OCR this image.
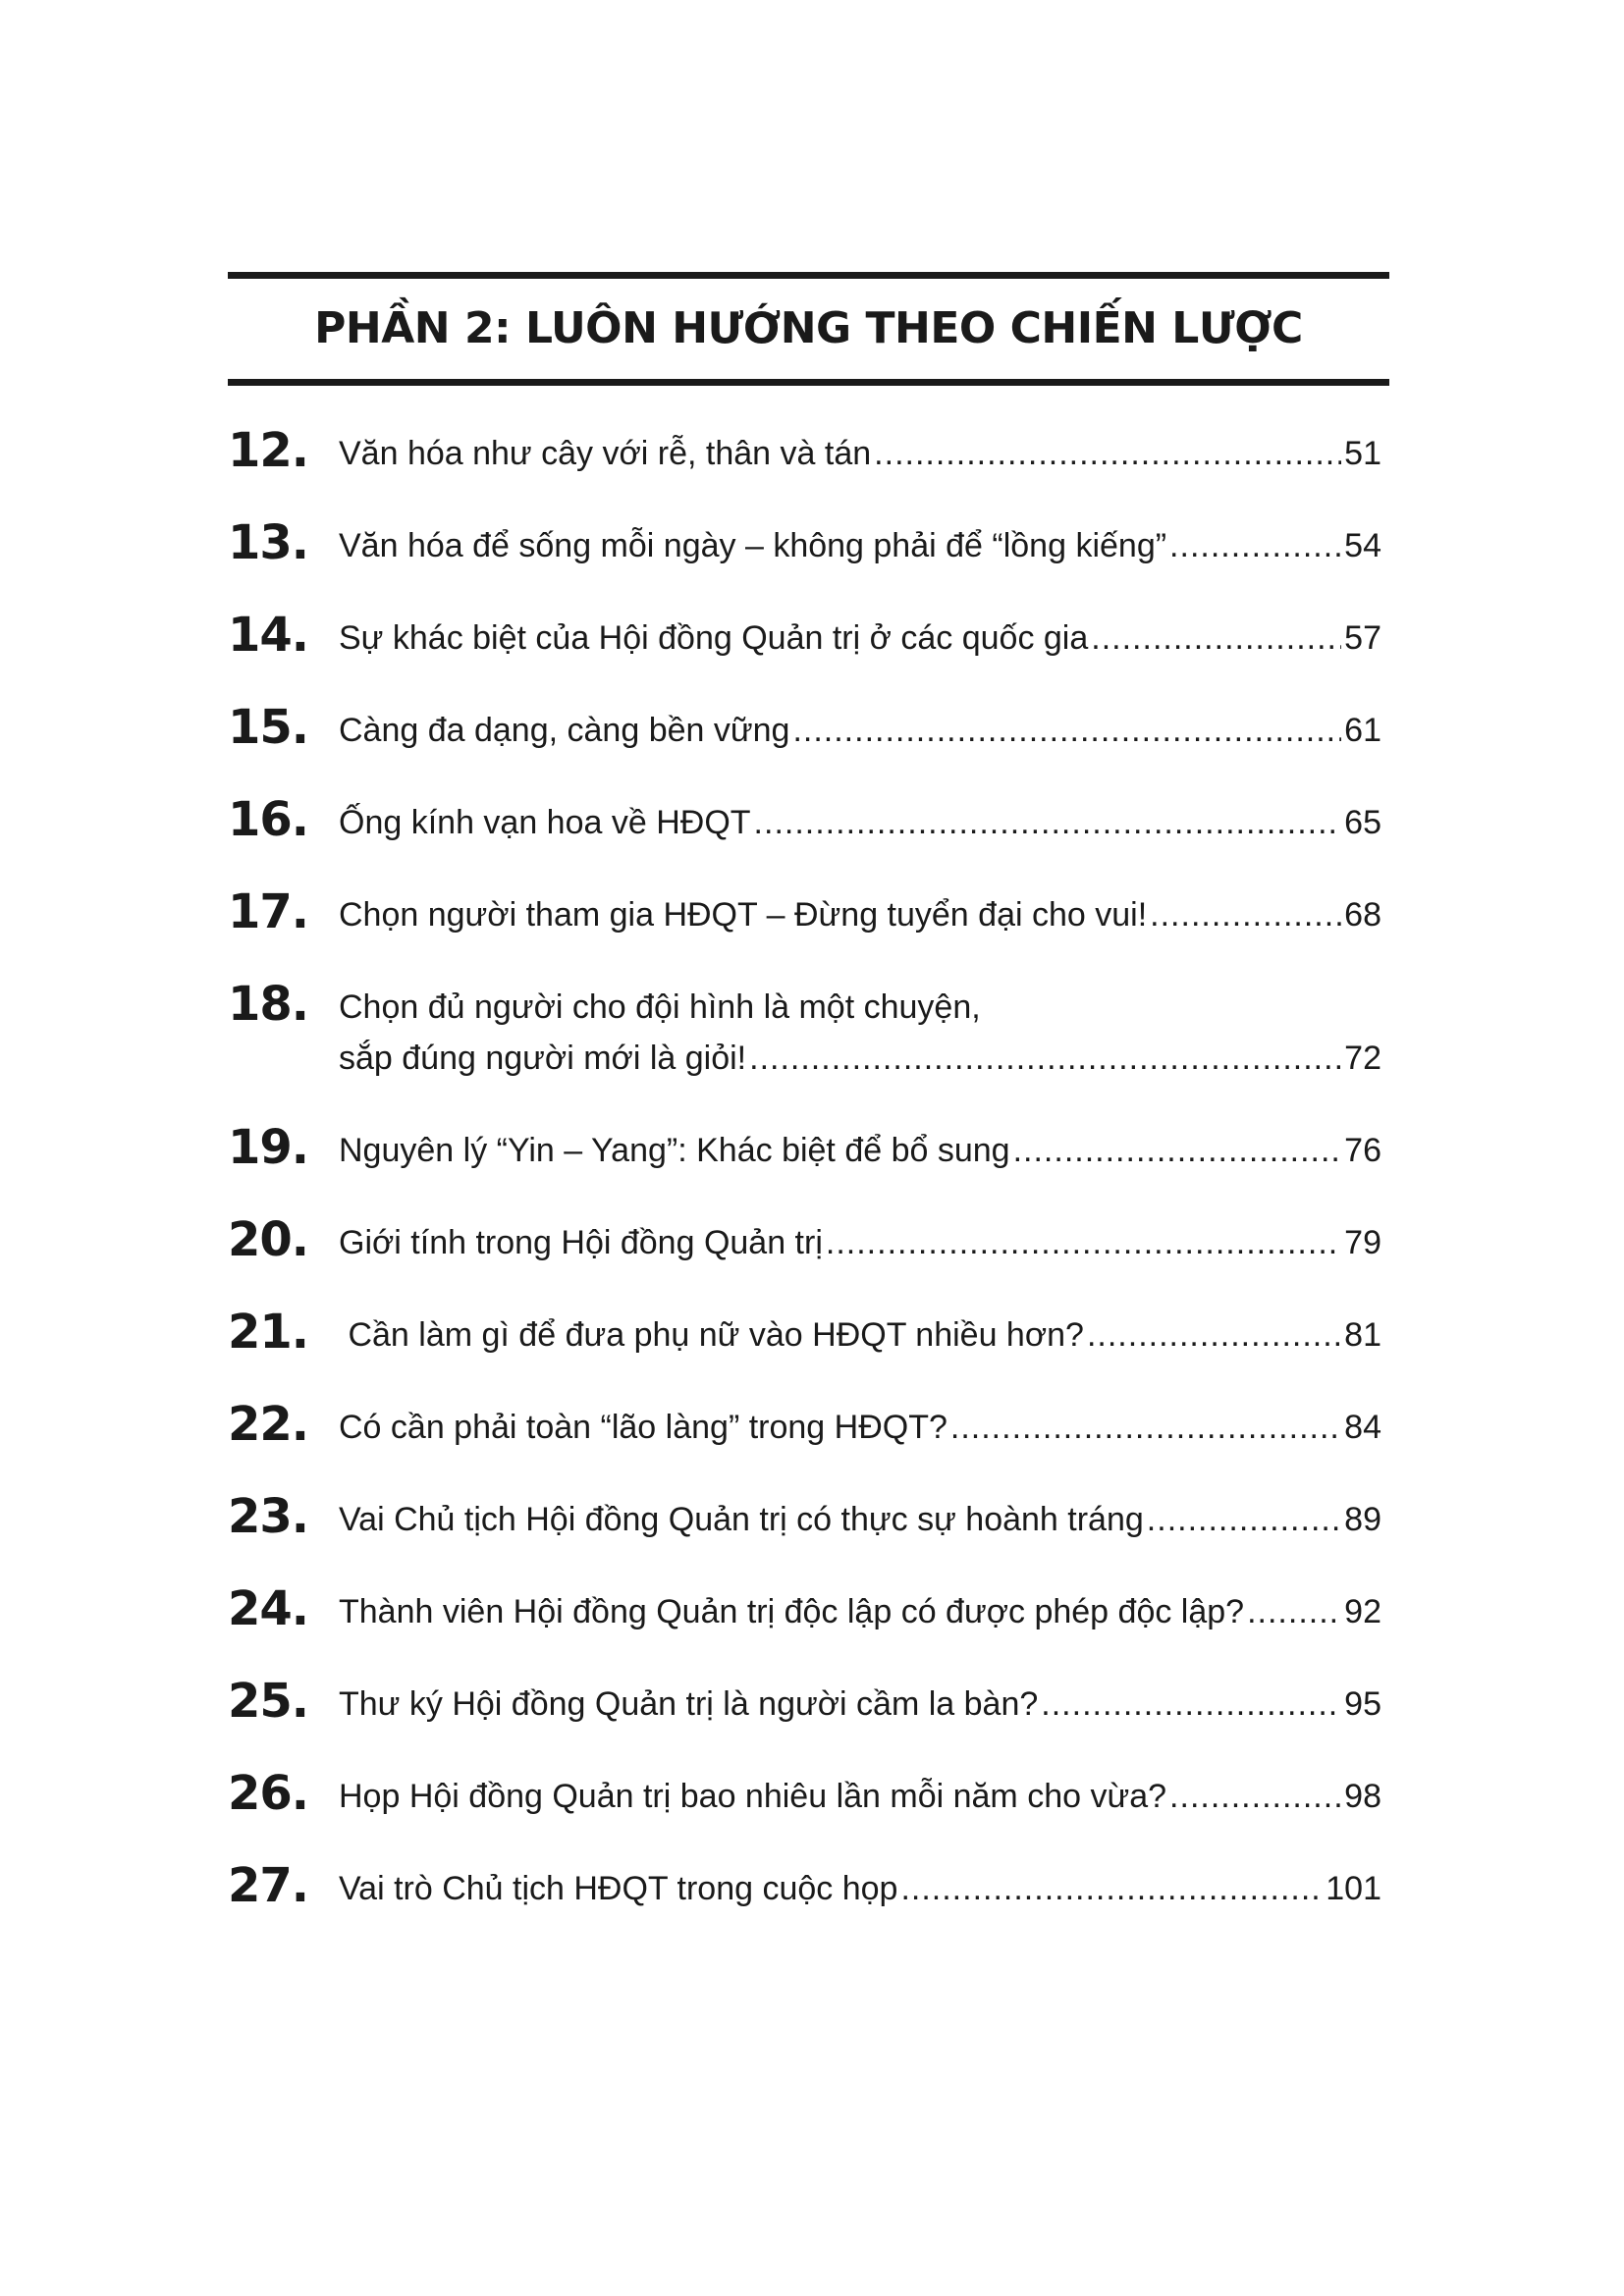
PHẦN 2: LUÔN HƯỚNG THEO CHIẾN LƯỢC
12. Văn hóa như cây với rễ, thân và tán .....	51
13. Văn hóa để sống mỗi ngày – không phải để “lồng kiếng” .....	54
14. Sự khác biệt của Hội đồng Quản trị ở các quốc gia .....	57
15. Càng đa dạng, càng bền vững .....	61
16. Ống kính vạn hoa về HĐQT .....	65
17. Chọn người tham gia HĐQT – Đừng tuyển đại cho vui! .....	68
18. Chọn đủ người cho đội hình là một chuyện,
sắp đúng người mới là giỏi! .....	72
19. Nguyên lý “Yin – Yang”: Khác biệt để bổ sung .....	76
20. Giới tính trong Hội đồng Quản trị .....	79
21. Cần làm gì để đưa phụ nữ vào HĐQT nhiều hơn? .....	81
22. Có cần phải toàn “lão làng” trong HĐQT? .....	84
23. Vai Chủ tịch Hội đồng Quản trị có thực sự hoành tráng .....	89
24. Thành viên Hội đồng Quản trị độc lập có được phép độc lập? .....	92
25. Thư ký Hội đồng Quản trị là người cầm la bàn? .....	95
26. Họp Hội đồng Quản trị bao nhiêu lần mỗi năm cho vừa? .....	98
27. Vai trò Chủ tịch HĐQT trong cuộc họp .....	101
